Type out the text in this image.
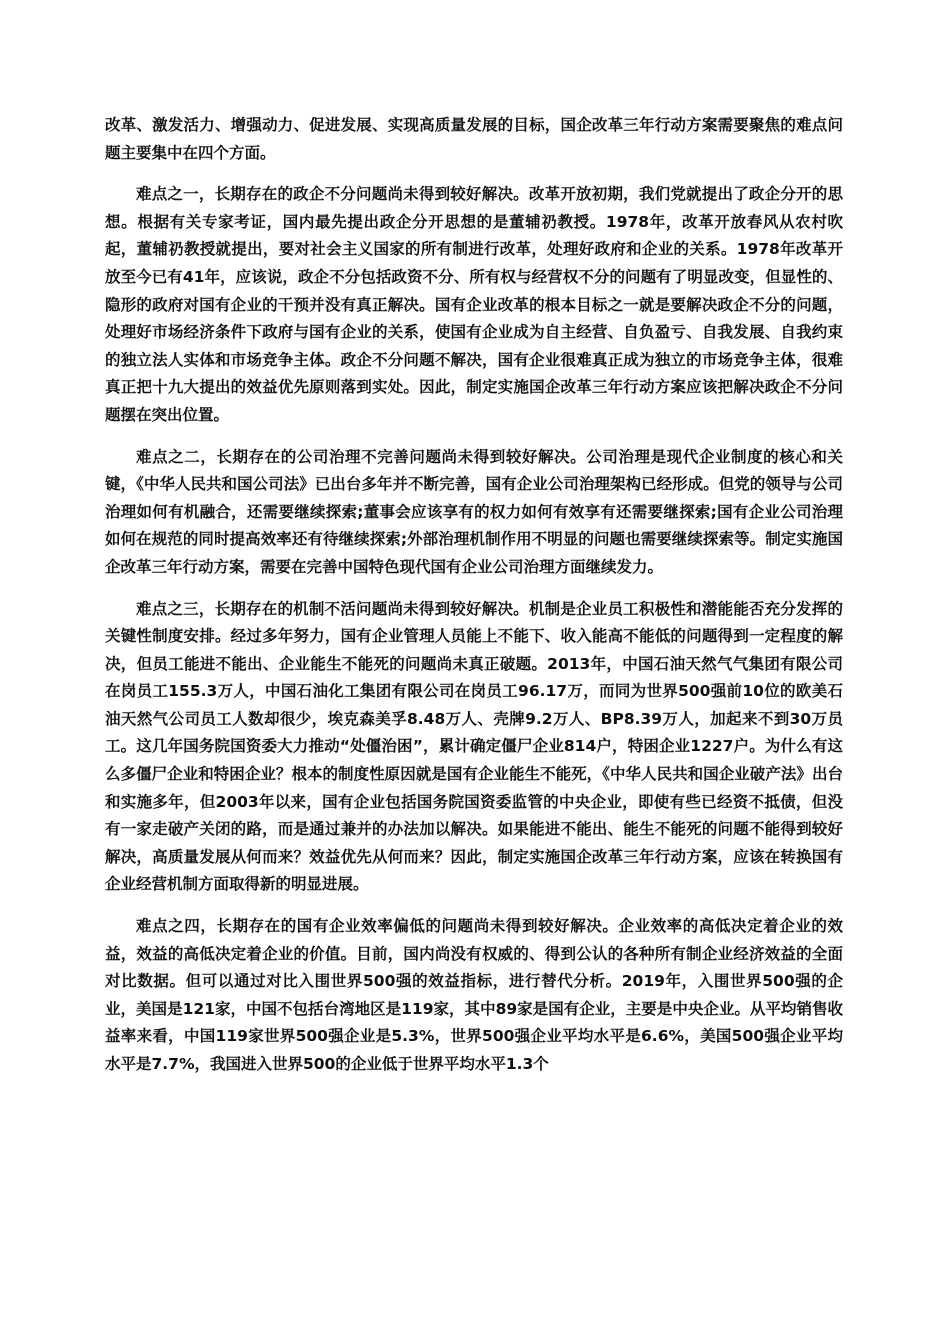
改革、激发活力、增强动力、促进发展、实现高质量发展的目标，国企改革三年行动方案需要聚焦的难点问题主要集中在四个方面。

难点之一，长期存在的政企不分问题尚未得到较好解决。改革开放初期，我们党就提出了政企分开的思想。根据有关专家考证，国内最先提出政企分开思想的是董辅礽教授。1978年，改革开放春风从农村吹起，董辅礽教授就提出，要对社会主义国家的所有制进行改革，处理好政府和企业的关系。1978年改革开放至今已有41年，应该说，政企不分包括政资不分、所有权与经营权不分的问题有了明显改变，但显性的、隐形的政府对国有企业的干预并没有真正解决。国有企业改革的根本目标之一就是要解决政企不分的问题，处理好市场经济条件下政府与国有企业的关系，使国有企业成为自主经营、自负盈亏、自我发展、自我约束的独立法人实体和市场竞争主体。政企不分问题不解决，国有企业很难真正成为独立的市场竞争主体，很难真正把十九大提出的效益优先原则落到实处。因此，制定实施国企改革三年行动方案应该把解决政企不分问题摆在突出位置。

难点之二，长期存在的公司治理不完善问题尚未得到较好解决。公司治理是现代企业制度的核心和关键，《中华人民共和国公司法》已出台多年并不断完善，国有企业公司治理架构已经形成。但党的领导与公司治理如何有机融合，还需要继续探索;董事会应该享有的权力如何有效享有还需要继探索;国有企业公司治理如何在规范的同时提高效率还有待继续探索;外部治理机制作用不明显的问题也需要继续探索等。制定实施国企改革三年行动方案，需要在完善中国特色现代国有企业公司治理方面继续发力。

难点之三，长期存在的机制不活问题尚未得到较好解决。机制是企业员工积极性和潜能能否充分发挥的关键性制度安排。经过多年努力，国有企业管理人员能上不能下、收入能高不能低的问题得到一定程度的解决，但员工能进不能出、企业能生不能死的问题尚未真正破题。2013年，中国石油天然气气集团有限公司在岗员工155.3万人，中国石油化工集团有限公司在岗员工96.17万，而同为世界500强前10位的欧美石油天然气公司员工人数却很少，埃克森美孚8.48万人、壳牌9.2万人、BP8.39万人，加起来不到30万员工。这几年国务院国资委大力推动“处僵治困”，累计确定僵尸企业814户，特困企业1227户。为什么有这么多僵尸企业和特困企业？根本的制度性原因就是国有企业能生不能死，《中华人民共和国企业破产法》出台和实施多年，但2003年以来，国有企业包括国务院国资委监管的中央企业，即使有些已经资不抵债，但没有一家走破产关闭的路，而是通过兼并的办法加以解决。如果能进不能出、能生不能死的问题不能得到较好解决，高质量发展从何而来？效益优先从何而来？因此，制定实施国企改革三年行动方案，应该在转换国有企业经营机制方面取得新的明显进展。

难点之四，长期存在的国有企业效率偏低的问题尚未得到较好解决。企业效率的高低决定着企业的效益，效益的高低决定着企业的价值。目前，国内尚没有权威的、得到公认的各种所有制企业经济效益的全面对比数据。但可以通过对比入围世界500强的效益指标，进行替代分析。2019年，入围世界500强的企业，美国是121家，中国不包括台湾地区是119家，其中89家是国有企业，主要是中央企业。从平均销售收益率来看，中国119家世界500强企业是5.3%，世界500强企业平均水平是6.6%，美国500强企业平均水平是7.7%，我国进入世界500的企业低于世界平均水平1.3个
